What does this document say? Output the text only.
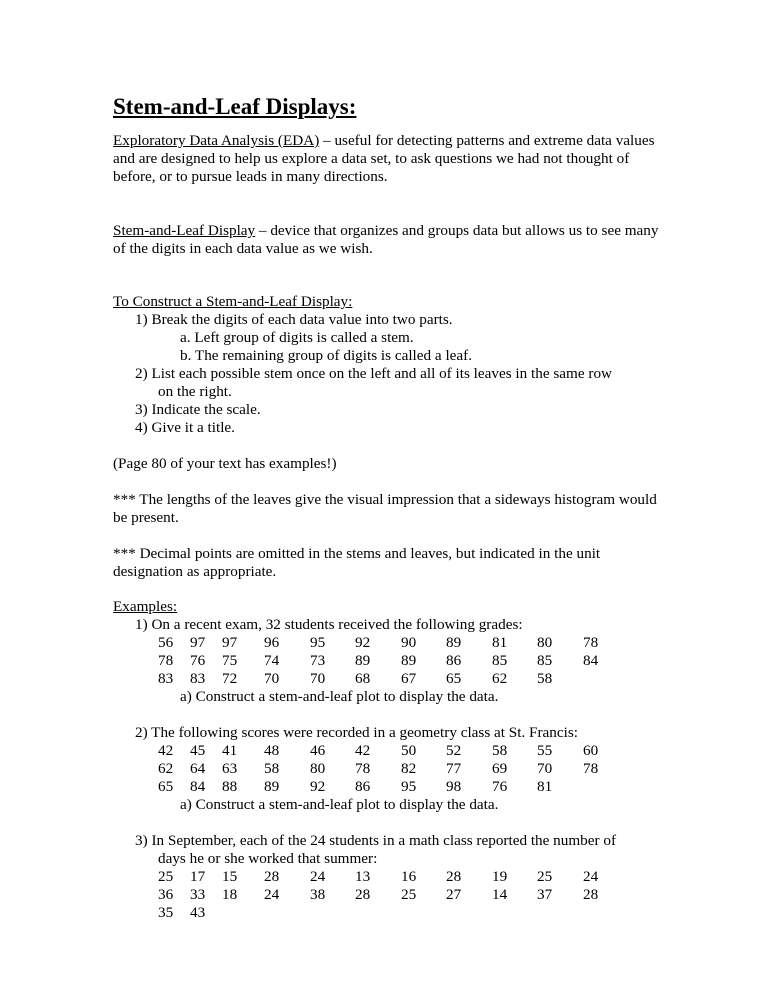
Stem-and-Leaf Displays:
Exploratory Data Analysis (EDA) – useful for detecting patterns and extreme data values and are designed to help us explore a data set, to ask questions we had not thought of before, or to pursue leads in many directions.
Stem-and-Leaf Display – device that organizes and groups data but allows us to see many of the digits in each data value as we wish.
To Construct a Stem-and-Leaf Display:
1) Break the digits of each data value into two parts.
a. Left group of digits is called a stem.
b. The remaining group of digits is called a leaf.
2) List each possible stem once on the left and all of its leaves in the same row
on the right.
3) Indicate the scale.
4) Give it a title.
(Page 80 of your text has examples!)
*** The lengths of the leaves give the visual impression that a sideways histogram would be present.
*** Decimal points are omitted in the stems and leaves, but indicated in the unit designation as appropriate.
Examples:
1) On a recent exam, 32 students received the following grades:
56 97 97 96 95 92 90 89 81 80 78
78 76 75 74 73 89 89 86 85 85 84
83 83 72 70 70 68 67 65 62 58
a) Construct a stem-and-leaf plot to display the data.
2) The following scores were recorded in a geometry class at St. Francis:
42 45 41 48 46 42 50 52 58 55 60
62 64 63 58 80 78 82 77 69 70 78
65 84 88 89 92 86 95 98 76 81
a) Construct a stem-and-leaf plot to display the data.
3) In September, each of the 24 students in a math class reported the number of
days he or she worked that summer:
25 17 15 28 24 13 16 28 19 25 24
36 33 18 24 38 28 25 27 14 37 28
35 43
